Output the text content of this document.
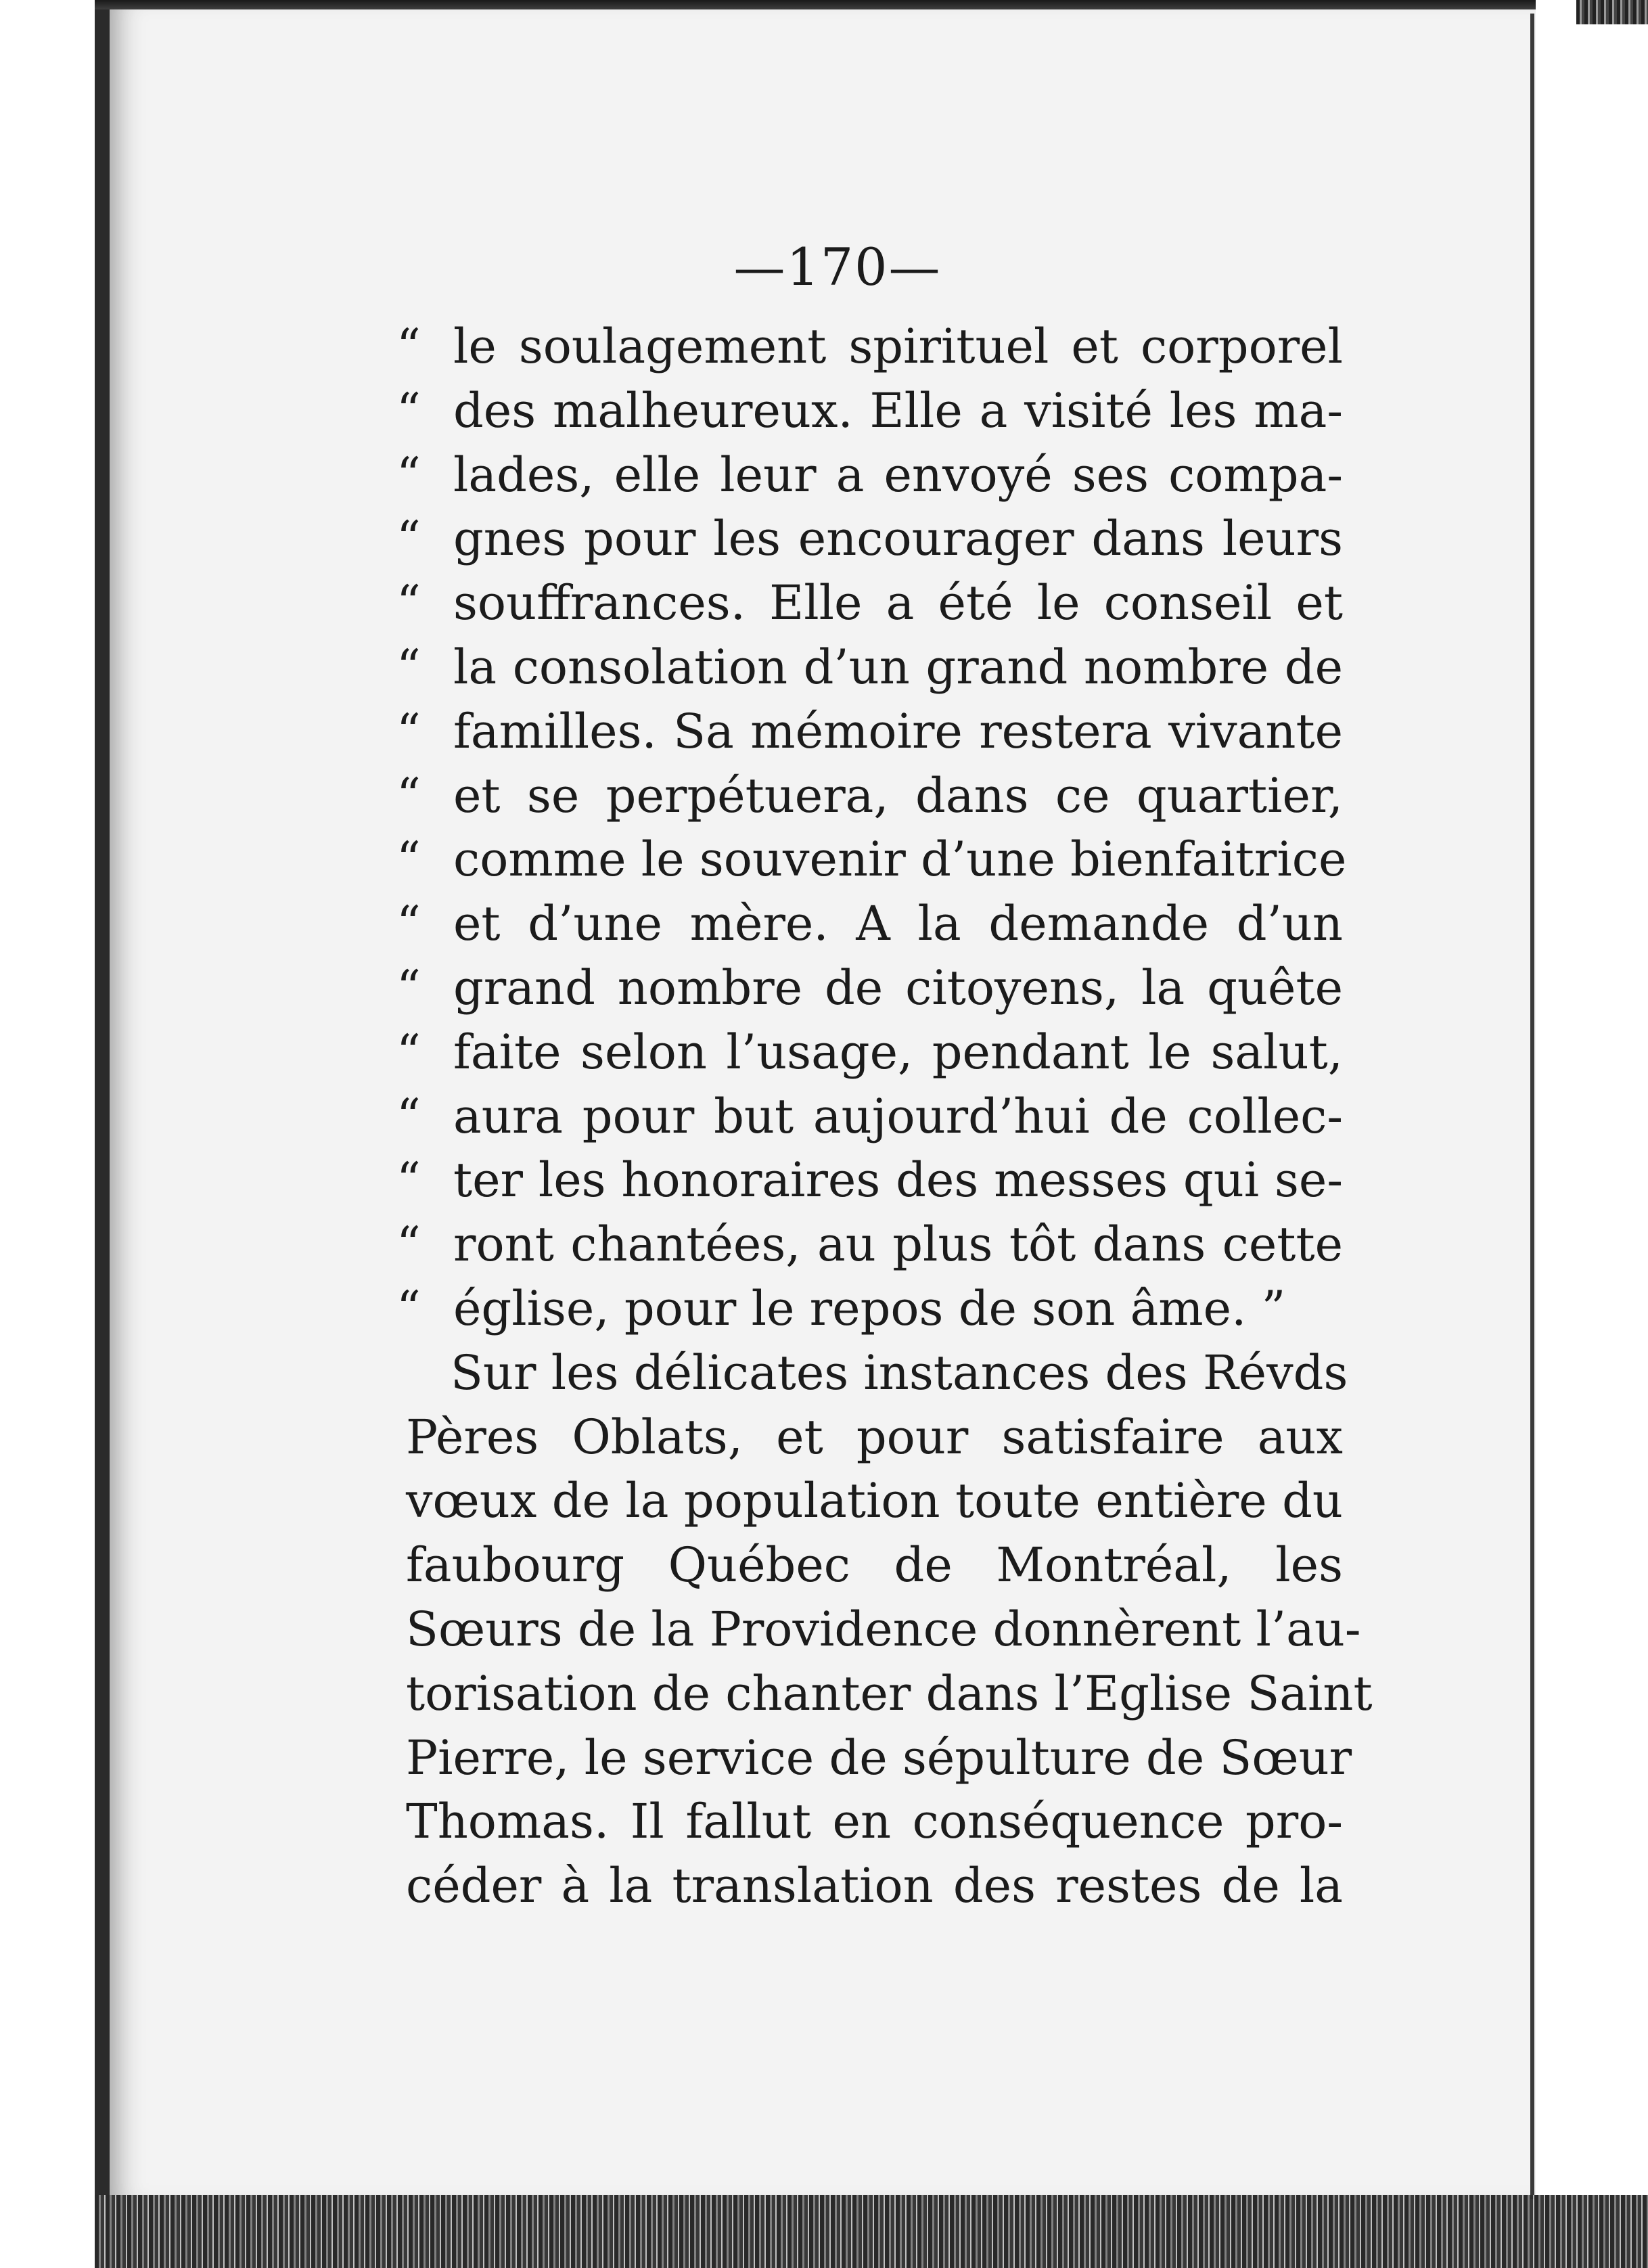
—170—
“ le soulagement spirituel et corporel
“ des malheureux. Elle a visité les ma-
“ lades, elle leur a envoyé ses compa-
“ gnes pour les encourager dans leurs
“ souffrances. Elle a été le conseil et
“ la consolation d’un grand nombre de
“ familles. Sa mémoire restera vivante
“ et se perpétuera, dans ce quartier,
“ comme le souvenir d’une bienfaitrice
“ et d’une mère. A la demande d’un
“ grand nombre de citoyens, la quête
“ faite selon l’usage, pendant le salut,
“ aura pour but aujourd’hui de collec-
“ ter les honoraires des messes qui se-
“ ront chantées, au plus tôt dans cette
“ église, pour le repos de son âme. ”
Sur les délicates instances des Révds
Pères Oblats, et pour satisfaire aux
vœux de la population toute entière du
faubourg Québec de Montréal, les
Sœurs de la Providence donnèrent l’au-
torisation de chanter dans l’Eglise Saint
Pierre, le service de sépulture de Sœur
Thomas. Il fallut en conséquence pro-
céder à la translation des restes de la
